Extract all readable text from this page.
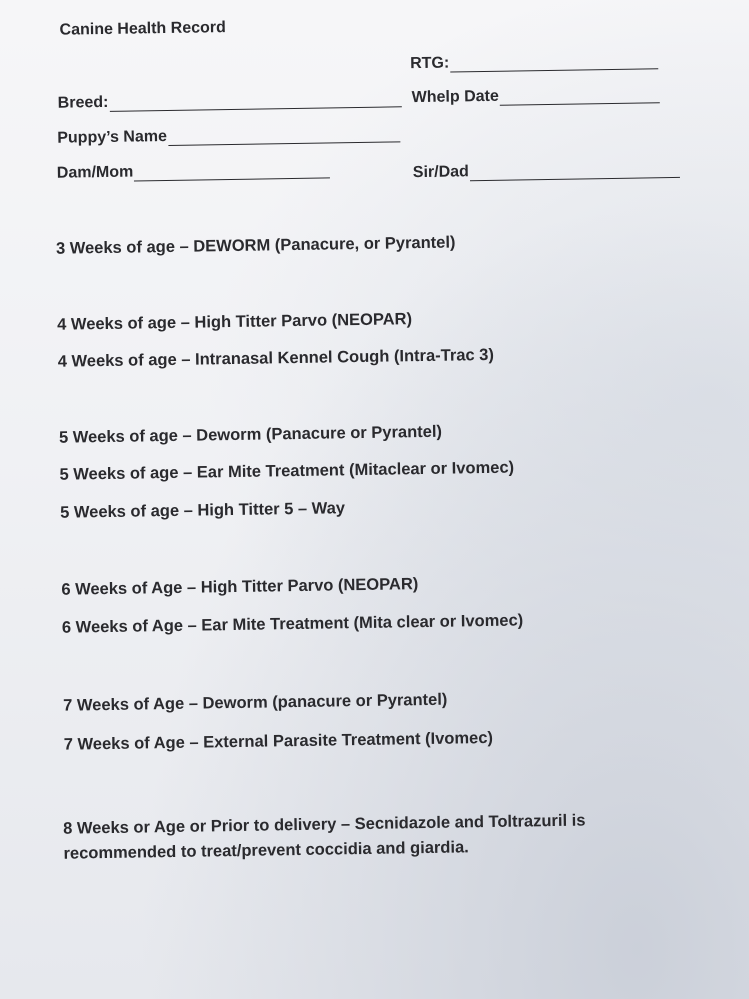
Canine Health Record
RTG:
Breed:	Whelp Date
Puppy’s Name
Dam/Mom	Sir/Dad
3 Weeks of age – DEWORM (Panacure, or Pyrantel)
4 Weeks of age – High Titter Parvo (NEOPAR)
4 Weeks of age – Intranasal Kennel Cough (Intra-Trac 3)
5 Weeks of age – Deworm (Panacure or Pyrantel)
5 Weeks of age – Ear Mite Treatment (Mitaclear or Ivomec)
5 Weeks of age – High Titter 5 – Way
6 Weeks of Age – High Titter Parvo (NEOPAR)
6 Weeks of Age – Ear Mite Treatment (Mita clear or Ivomec)
7 Weeks of Age – Deworm (panacure or Pyrantel)
7 Weeks of Age – External Parasite Treatment (Ivomec)
8 Weeks or Age or Prior to delivery – Secnidazole and Toltrazuril is
recommended to treat/prevent coccidia and giardia.
